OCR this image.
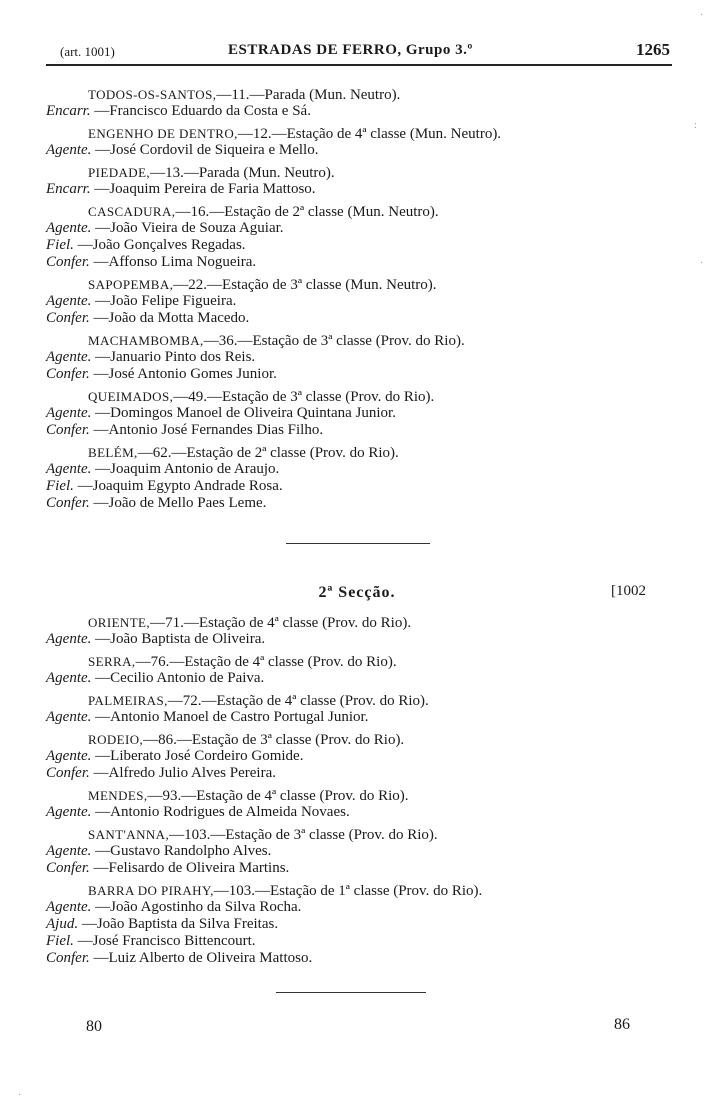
(art. 1001)	ESTRADAS DE FERRO, Grupo 3.º	1265
TODOS-OS-SANTOS,—11.—Parada (Mun. Neutro).
Encarr. —Francisco Eduardo da Costa e Sá.
ENGENHO DE DENTRO,—12.—Estação de 4ª classe (Mun. Neutro).
Agente. —José Cordovil de Siqueira e Mello.
PIEDADE,—13.—Parada (Mun. Neutro).
Encarr. —Joaquim Pereira de Faria Mattoso.
CASCADURA,—16.—Estação de 2ª classe (Mun. Neutro).
Agente. —João Vieira de Souza Aguiar.
Fiel. —João Gonçalves Regadas.
Confer. —Affonso Lima Nogueira.
SAPOPEMBA,—22.—Estação de 3ª classe (Mun. Neutro).
Agente. —João Felipe Figueira.
Confer. —João da Motta Macedo.
MACHAMBOMBA,—36.—Estação de 3ª classe (Prov. do Rio).
Agente. —Januario Pinto dos Reis.
Confer. —José Antonio Gomes Junior.
QUEIMADOS,—49.—Estação de 3ª classe (Prov. do Rio).
Agente. —Domingos Manoel de Oliveira Quintana Junior.
Confer. —Antonio José Fernandes Dias Filho.
BELÉM,—62.—Estação de 2ª classe (Prov. do Rio).
Agente. —Joaquim Antonio de Araujo.
Fiel. —Joaquim Egypto Andrade Rosa.
Confer. —João de Mello Paes Leme.
2ª Secção.	[1002
ORIENTE,—71.—Estação de 4ª classe (Prov. do Rio).
Agente. —João Baptista de Oliveira.
SERRA,—76.—Estação de 4ª classe (Prov. do Rio).
Agente. —Cecilio Antonio de Paiva.
PALMEIRAS,—72.—Estação de 4ª classe (Prov. do Rio).
Agente. —Antonio Manoel de Castro Portugal Junior.
RODEIO,—86.—Estação de 3ª classe (Prov. do Rio).
Agente. —Liberato José Cordeiro Gomide.
Confer. —Alfredo Julio Alves Pereira.
MENDES,—93.—Estação de 4ª classe (Prov. do Rio).
Agente. —Antonio Rodrigues de Almeida Novaes.
SANT'ANNA,—103.—Estação de 3ª classe (Prov. do Rio).
Agente. —Gustavo Randolpho Alves.
Confer. —Felisardo de Oliveira Martins.
BARRA DO PIRAHY,—103.—Estação de 1ª classe (Prov. do Rio).
Agente. —João Agostinho da Silva Rocha.
Ajud. —João Baptista da Silva Freitas.
Fiel. —José Francisco Bittencourt.
Confer. —Luiz Alberto de Oliveira Mattoso.
80	86
·
:
·
·
